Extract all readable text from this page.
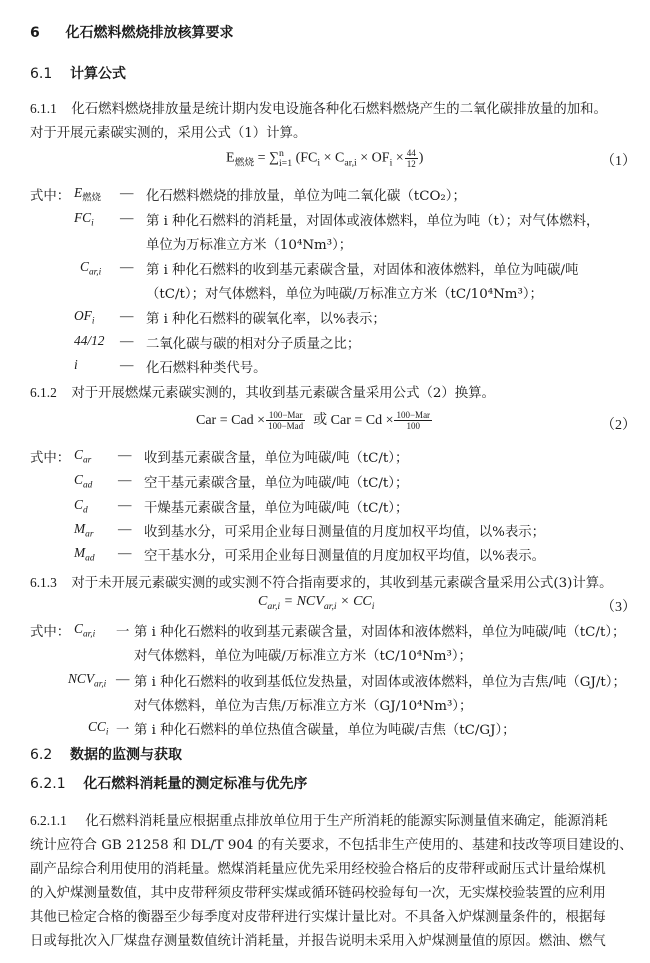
6 化石燃料燃烧排放核算要求
6.1 计算公式
6.1.1 化石燃料燃烧排放量是统计期内发电设施各种化石燃料燃烧产生的二氧化碳排放量的加和。
对于开展元素碳实测的，采用公式（1）计算。
$E_{燃烧} = \sum^n_{i=1}$ ($FC_i \times C_{ar,i} \times OF_i \times \frac{44}{12}$ )	（1）
式中： $E_{燃烧}$ — 化石燃料燃烧的排放量，单位为吨二氧化碳（tCO₂）；
$FC_i$ — 第 i 种化石燃料的消耗量，对固体或液体燃料，单位为吨（t）；对气体燃料，
单位为万标准立方米（10⁴Nm³）；
$C_{ar,i}$ — 第 i 种化石燃料的收到基元素碳含量，对固体和液体燃料，单位为吨碳/吨
（tC/t）；对气体燃料，单位为吨碳/万标准立方米（tC/10⁴Nm³）；
$OF_i$ — 第 i 种化石燃料的碳氧化率，以%表示；
44/12 — 二氧化碳与碳的相对分子质量之比；
i	— 化石燃料种类代号。
6.1.2 对于开展燃煤元素碳实测的，其收到基元素碳含量采用公式（2）换算。
Car = Cad × $\frac{\text{100−Mar}}{\text{100−Mad}}$ 或 Car = $Cd \times \frac{\text{100−Mar}}{100}$	（2）
式中： $C_{ar}$ — 收到基元素碳含量，单位为吨碳/吨（tC/t）；
$C_{ad}$ — 空干基元素碳含量，单位为吨碳/吨（tC/t）；
$C_d$ — 干燥基元素碳含量，单位为吨碳/吨（tC/t）；
$M_{ar}$ — 收到基水分，可采用企业每日测量值的月度加权平均值，以%表示；
$M_{ad}$ — 空干基水分，可采用企业每日测量值的月度加权平均值，以%表示。
6.1.3 对于未开展元素碳实测的或实测不符合指南要求的，其收到基元素碳含量采用公式(3)计算。
$C_{ar,i} = NCV_{ar,i} \times CC_i$	（3）
式中： $C_{ar,i}$ 一 第 i 种化石燃料的收到基元素碳含量，对固体和液体燃料，单位为吨碳/吨（tC/t）；
对气体燃料，单位为吨碳/万标准立方米（tC/10⁴Nm³）；
$NCV_{ar,i}$ — 第 i 种化石燃料的收到基低位发热量，对固体或液体燃料，单位为吉焦/吨（GJ/t）；
对气体燃料，单位为吉焦/万标准立方米（GJ/10⁴Nm³）；
$CC_i$ 一 第 i 种化石燃料的单位热值含碳量，单位为吨碳/吉焦（tC/GJ）；
6.2 数据的监测与获取
6.2.1 化石燃料消耗量的测定标准与优先序
6.2.1.1 化石燃料消耗量应根据重点排放单位用于生产所消耗的能源实际测量值来确定，能源消耗
统计应符合 GB 21258 和 DL/T 904 的有关要求，不包括非生产使用的、基建和技改等项目建设的、
副产品综合利用使用的消耗量。燃煤消耗量应优先采用经校验合格后的皮带秤或耐压式计量给煤机
的入炉煤测量数值，其中皮带秤须皮带秤实煤或循环链码校验每旬一次，无实煤校验装置的应利用
其他已检定合格的衡器至少每季度对皮带秤进行实煤计量比对。不具备入炉煤测量条件的，根据每
日或每批次入厂煤盘存测量数值统计消耗量，并报告说明未采用入炉煤测量值的原因。燃油、燃气
